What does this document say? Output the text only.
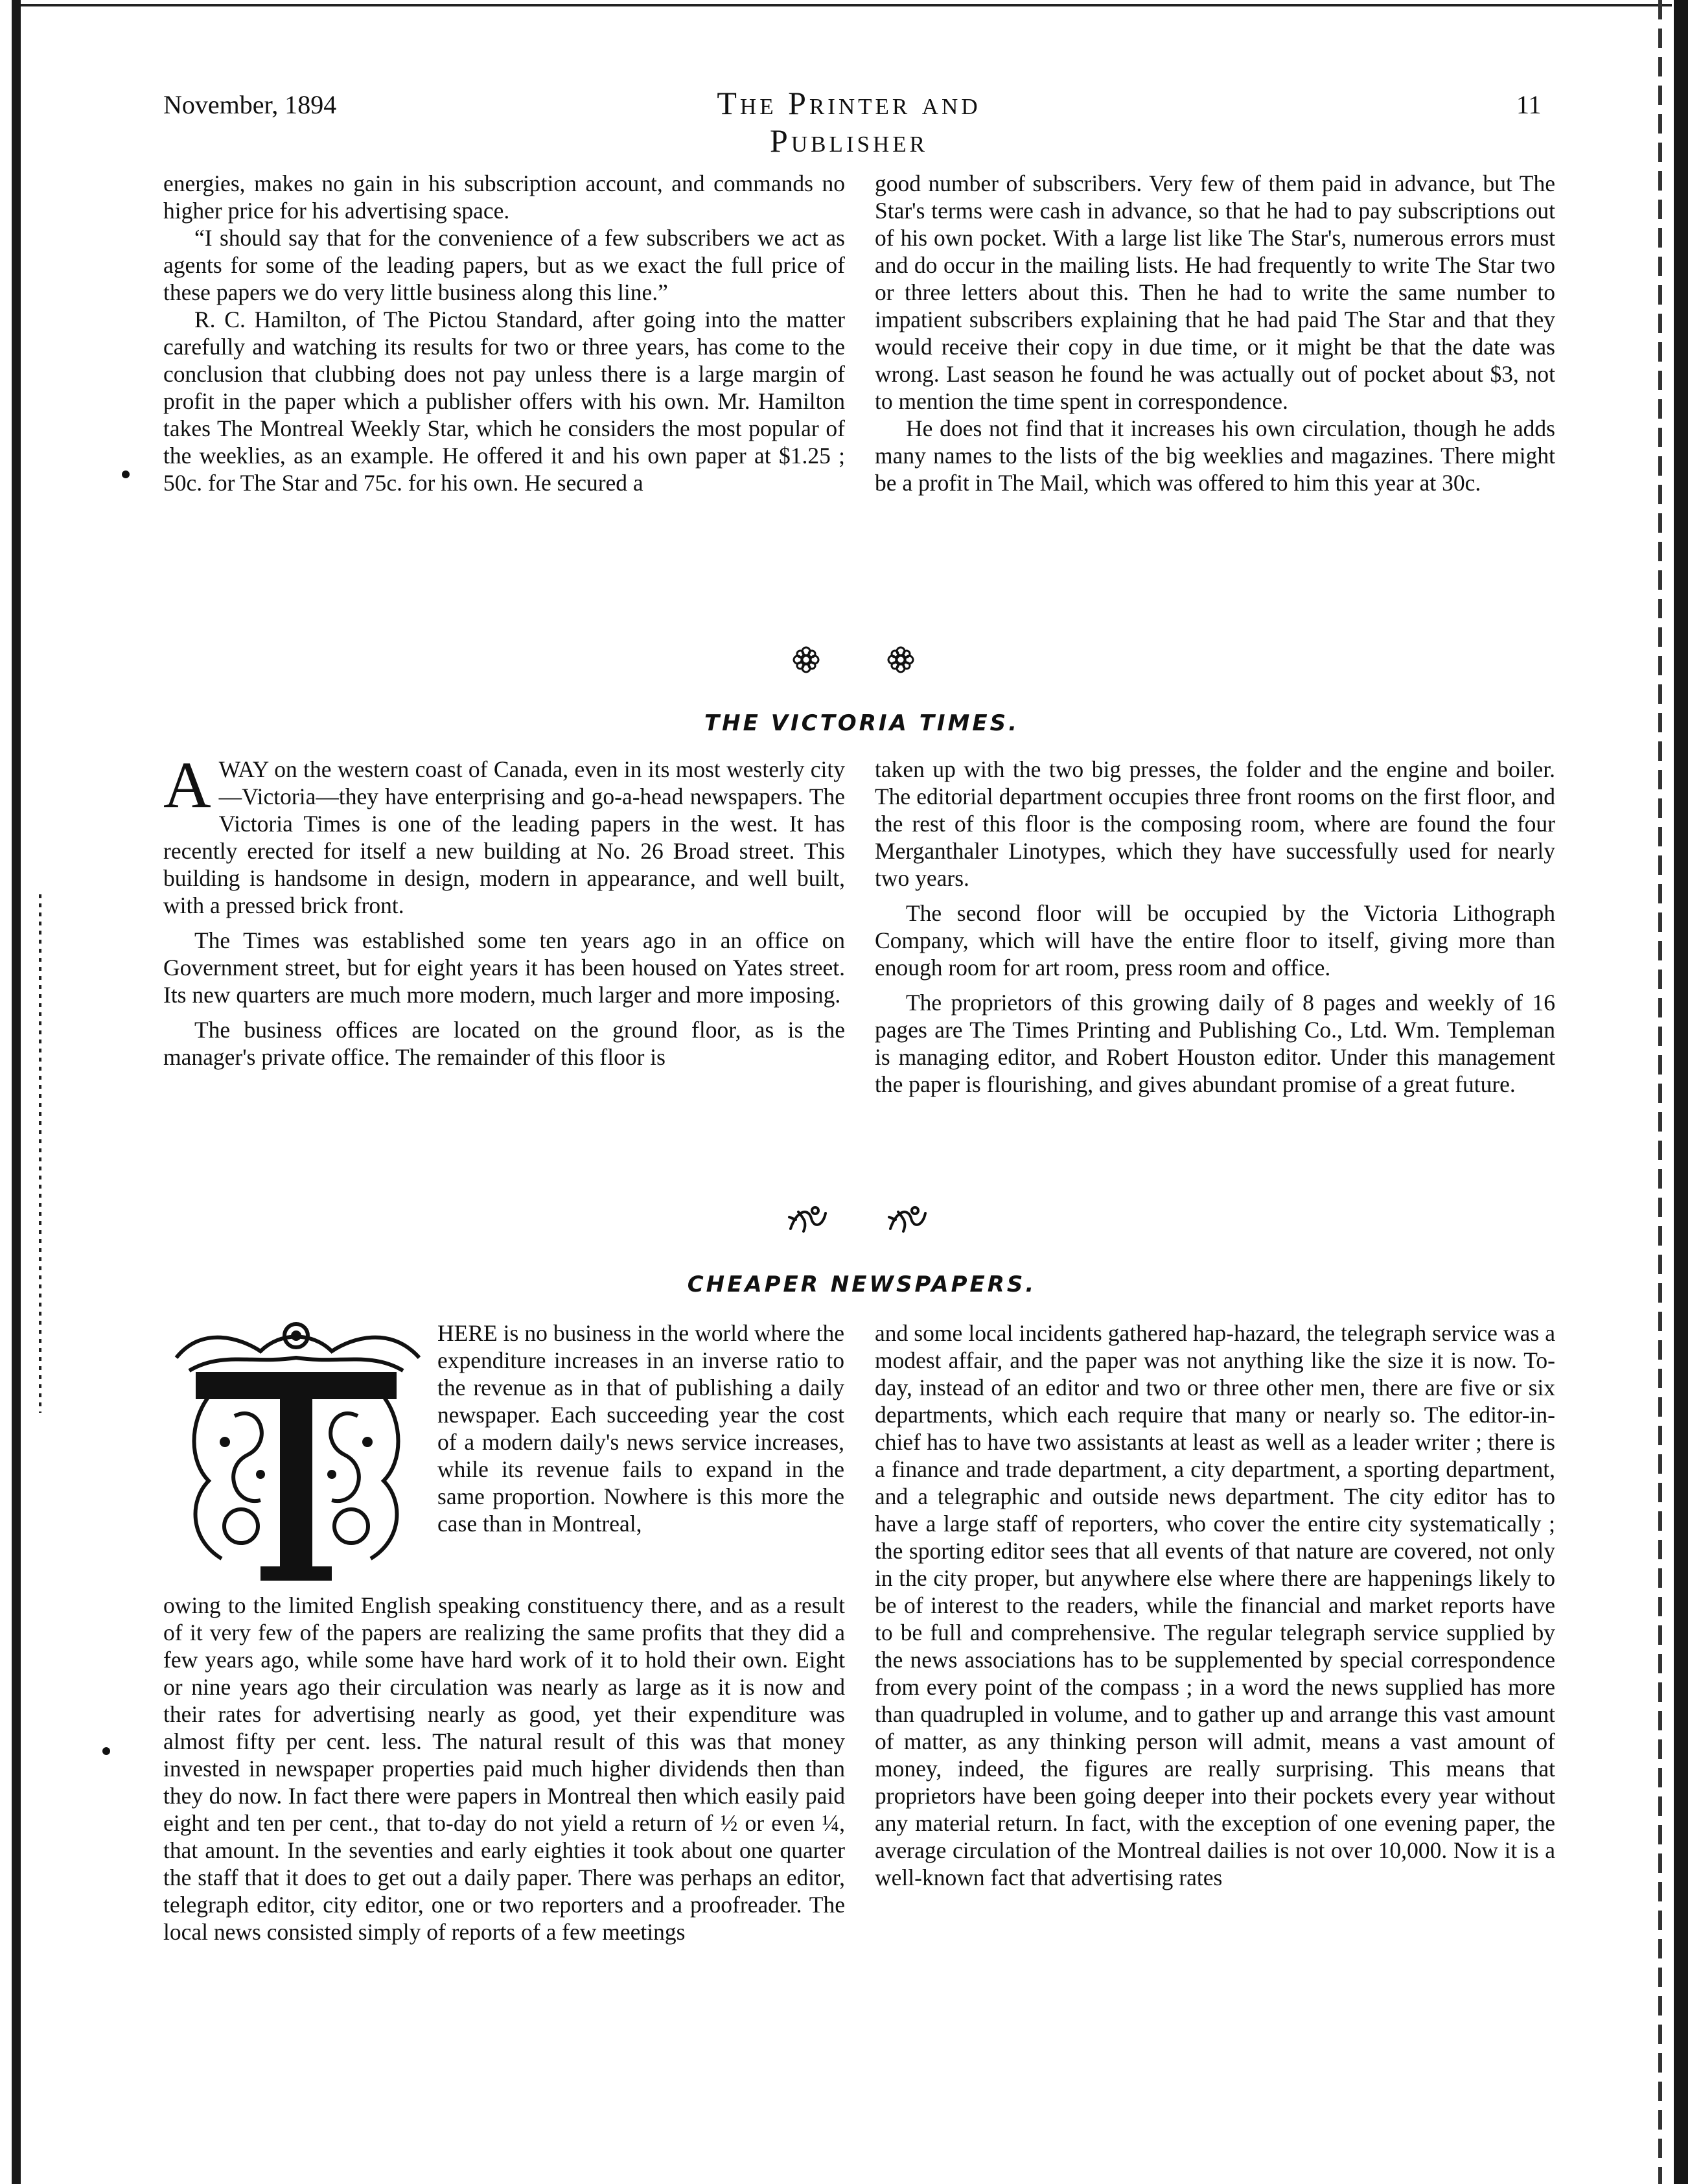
November, 1894	The Printer and Publisher
11

energies, makes no gain in his subscription account, and commands no higher price for his advertising space.

“I should say that for the convenience of a few subscribers we act as agents for some of the leading papers, but as we exact the full price of these papers we do very little business along this line.”

R. C. Hamilton, of The Pictou Standard, after going into the matter carefully and watching its results for two or three years, has come to the conclusion that clubbing does not pay unless there is a large margin of profit in the paper which a publisher offers with his own. Mr. Hamilton takes The Montreal Weekly Star, which he considers the most popular of the weeklies, as an example. He offered it and his own paper at $1.25 ; 50c. for The Star and 75c. for his own. He secured a

good number of subscribers. Very few of them paid in advance, but The Star's terms were cash in advance, so that he had to pay subscriptions out of his own pocket. With a large list like The Star's, numerous errors must and do occur in the mailing lists. He had frequently to write The Star two or three letters about this. Then he had to write the same number to impatient subscribers explaining that he had paid The Star and that they would receive their copy in due time, or it might be that the date was wrong. Last season he found he was actually out of pocket about $3, not to mention the time spent in correspondence.

He does not find that it increases his own circulation, though he adds many names to the lists of the big weeklies and magazines. There might be a profit in The Mail, which was offered to him this year at 30c.

THE VICTORIA TIMES.

AWAY on the western coast of Canada, even in its most westerly city—Victoria—they have enterprising and go-a-head newspapers. The Victoria Times is one of the leading papers in the west. It has recently erected for itself a new building at No. 26 Broad street. This building is handsome in design, modern in appearance, and well built, with a pressed brick front.

The Times was established some ten years ago in an office on Government street, but for eight years it has been housed on Yates street. Its new quarters are much more modern, much larger and more imposing.

The business offices are located on the ground floor, as is the manager's private office. The remainder of this floor is

taken up with the two big presses, the folder and the engine and boiler. The editorial department occupies three front rooms on the first floor, and the rest of this floor is the composing room, where are found the four Merganthaler Linotypes, which they have successfully used for nearly two years.

The second floor will be occupied by the Victoria Lithograph Company, which will have the entire floor to itself, giving more than enough room for art room, press room and office.

The proprietors of this growing daily of 8 pages and weekly of 16 pages are The Times Printing and Publishing Co., Ltd. Wm. Templeman is managing editor, and Robert Houston editor. Under this management the paper is flourishing, and gives abundant promise of a great future.

CHEAPER NEWSPAPERS.

HERE is no business in the world where the expenditure increases in an inverse ratio to the revenue as in that of publishing a daily newspaper. Each succeeding year the cost of a modern daily's news service increases, while its revenue fails to expand in the same proportion. Nowhere is this more the case than in Montreal,

owing to the limited English speaking constituency there, and as a result of it very few of the papers are realizing the same profits that they did a few years ago, while some have hard work of it to hold their own. Eight or nine years ago their circulation was nearly as large as it is now and their rates for advertising nearly as good, yet their expenditure was almost fifty per cent. less. The natural result of this was that money invested in newspaper properties paid much higher dividends then than they do now. In fact there were papers in Montreal then which easily paid eight and ten per cent., that to-day do not yield a return of ½ or even ¼, that amount. In the seventies and early eighties it took about one quarter the staff that it does to get out a daily paper. There was perhaps an editor, telegraph editor, city editor, one or two reporters and a proofreader. The local news consisted simply of reports of a few meetings

and some local incidents gathered hap-hazard, the telegraph service was a modest affair, and the paper was not anything like the size it is now. To-day, instead of an editor and two or three other men, there are five or six departments, which each require that many or nearly so. The editor-in-chief has to have two assistants at least as well as a leader writer ; there is a finance and trade department, a city department, a sporting department, and a telegraphic and outside news department. The city editor has to have a large staff of reporters, who cover the entire city systematically ; the sporting editor sees that all events of that nature are covered, not only in the city proper, but anywhere else where there are happenings likely to be of interest to the readers, while the financial and market reports have to be full and comprehensive. The regular telegraph service supplied by the news associations has to be supplemented by special correspondence from every point of the compass ; in a word the news supplied has more than quadrupled in volume, and to gather up and arrange this vast amount of matter, as any thinking person will admit, means a vast amount of money, indeed, the figures are really surprising. This means that proprietors have been going deeper into their pockets every year without any material return. In fact, with the exception of one evening paper, the average circulation of the Montreal dailies is not over 10,000. Now it is a well-known fact that advertising rates
